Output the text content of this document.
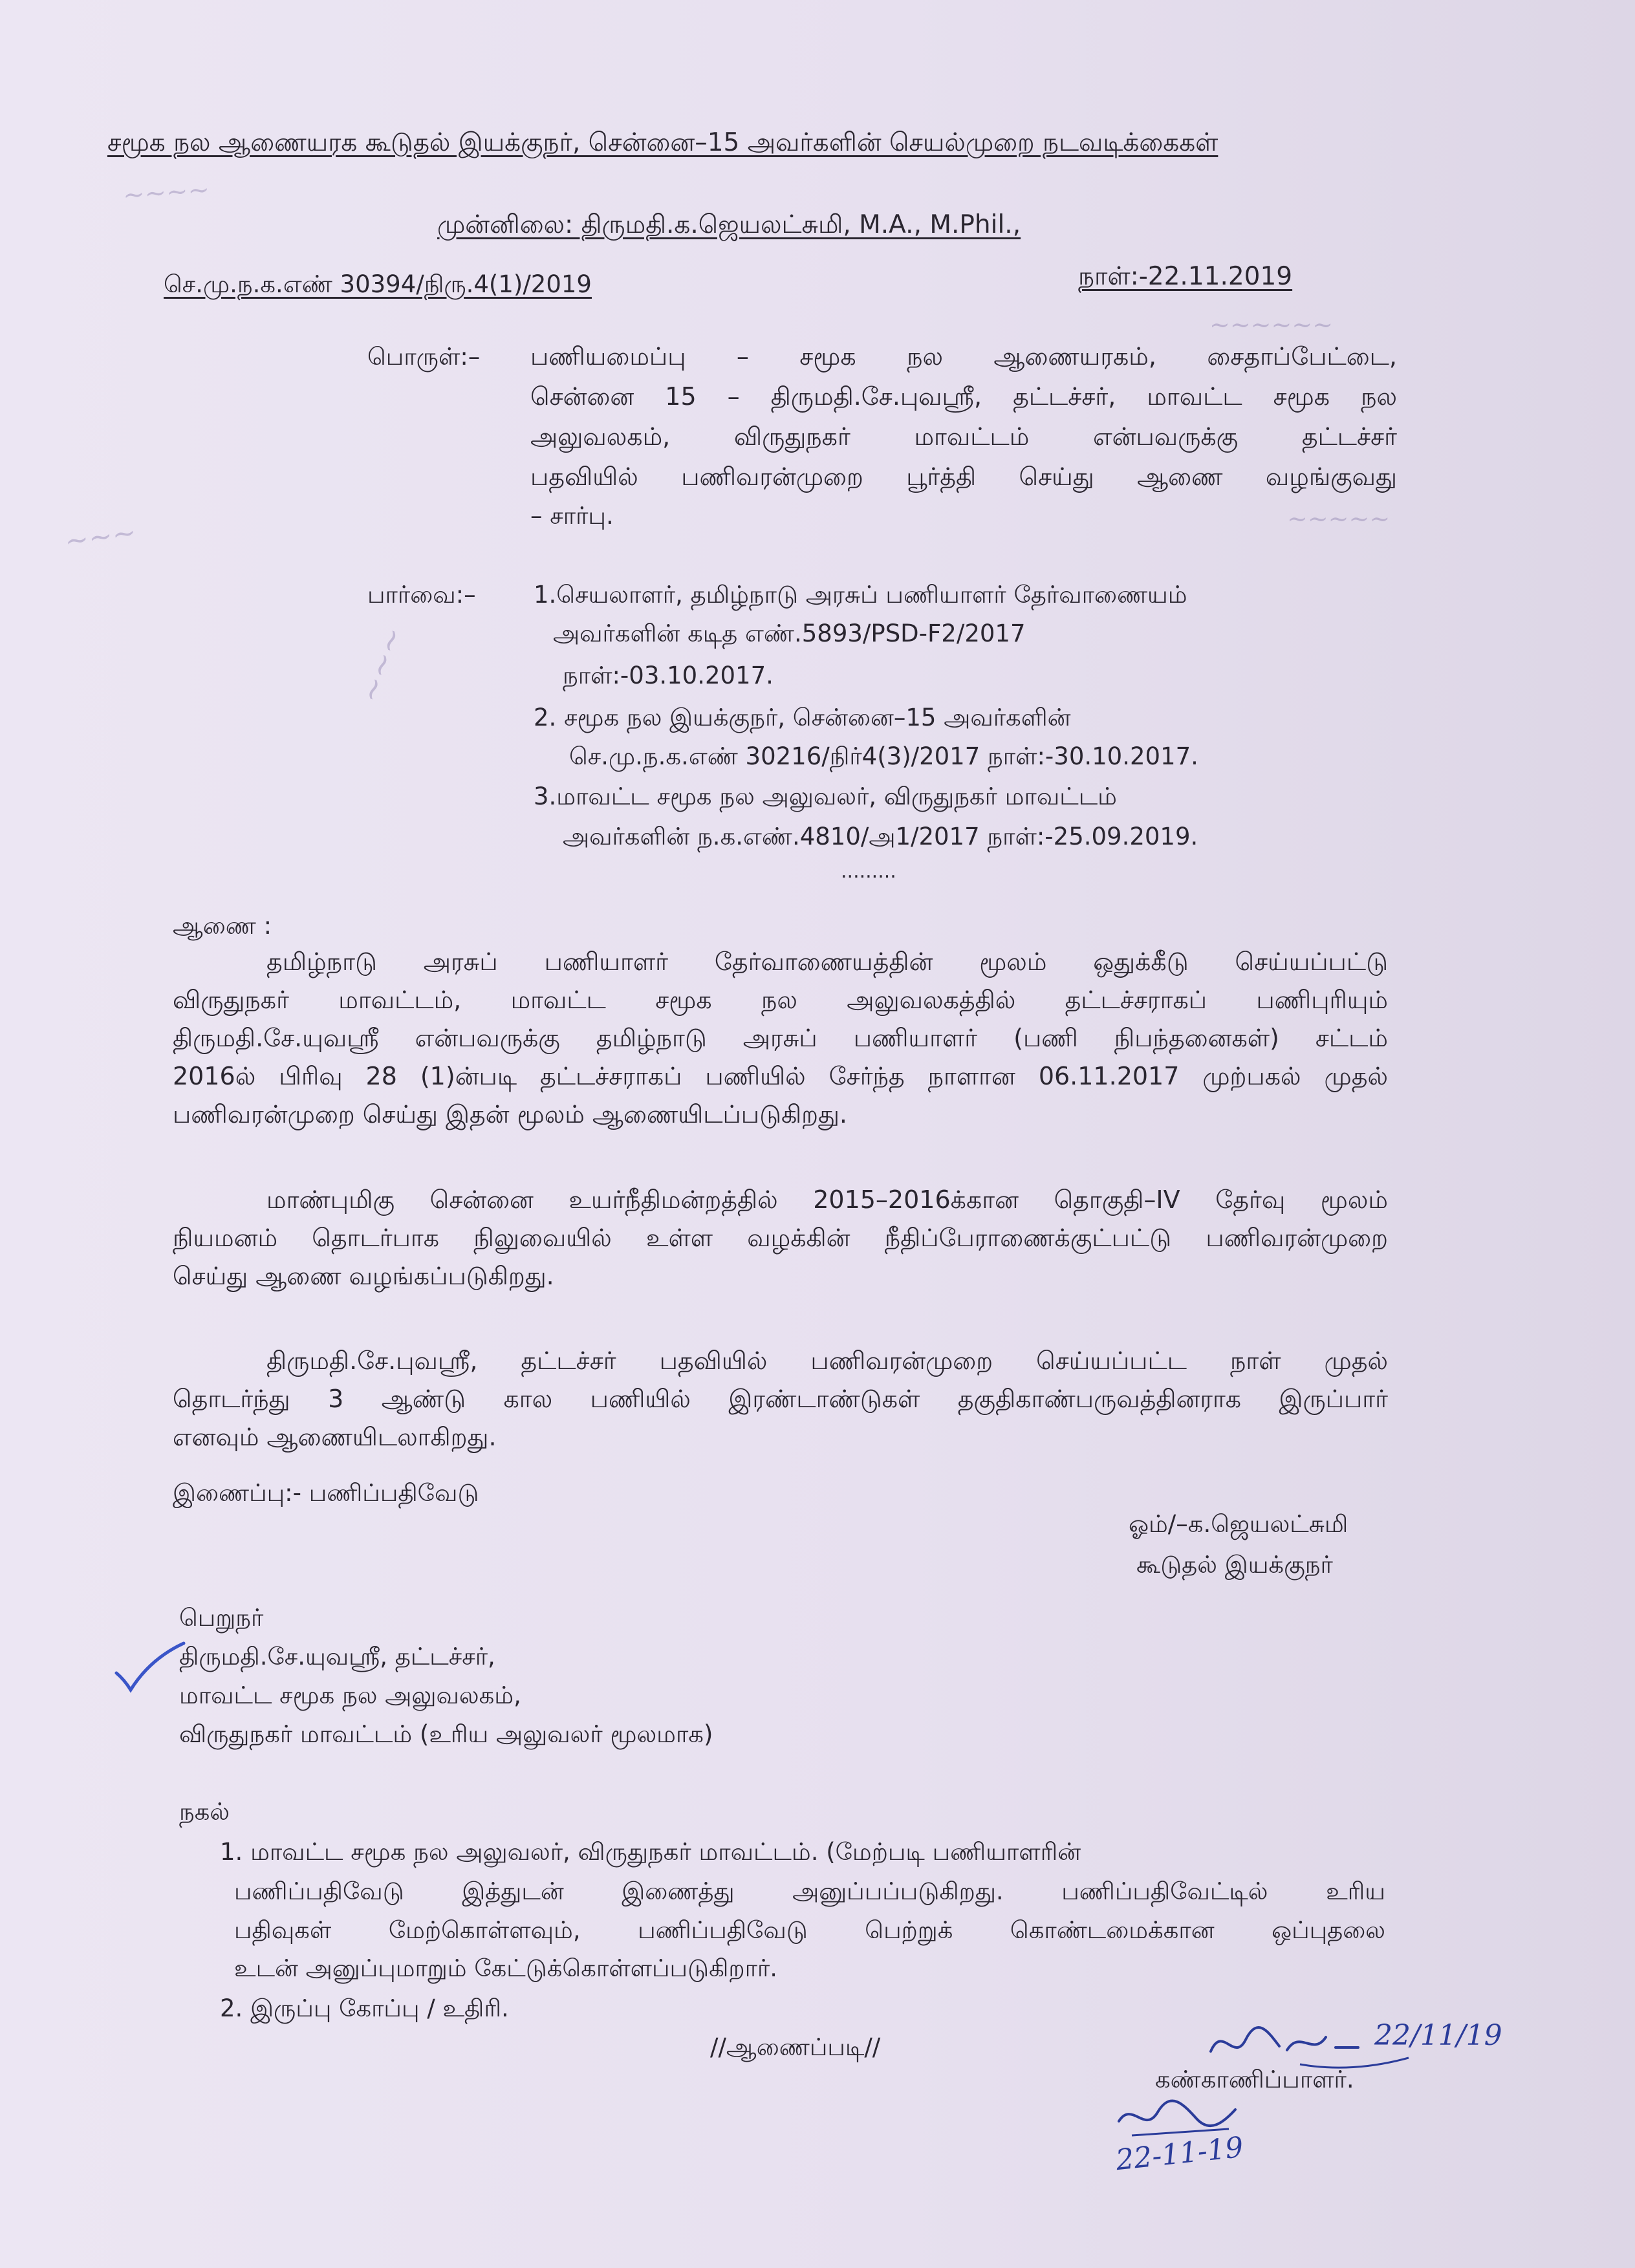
~~~~
~~~
~~~
~~~~~~
~~~~~
சமூக நல ஆணையரக கூடுதல் இயக்குநர், சென்னை–15 அவர்களின் செயல்முறை நடவடிக்கைகள்
முன்னிலை: திருமதி.க.ஜெயலட்சுமி, M.A., M.Phil.,
செ.மு.ந.க.எண் 30394/நிரு.4(1)/2019	நாள்:-22.11.2019
பொருள்:– பணியமைப்பு – சமூக நல ஆணையரகம், சைதாப்பேட்டை,
சென்னை 15 – திருமதி.சே.புவஸ்ரீ, தட்டச்சர், மாவட்ட சமூக நல
அலுவலகம், விருதுநகர் மாவட்டம் என்பவருக்கு தட்டச்சர்
பதவியில் பணிவரன்முறை பூர்த்தி செய்து ஆணை வழங்குவது
– சார்பு.
பார்வை:– 1.செயலாளர், தமிழ்நாடு அரசுப் பணியாளர் தேர்வாணையம்
அவர்களின் கடித எண்.5893/PSD-F2/2017
நாள்:-03.10.2017.
2. சமூக நல இயக்குநர், சென்னை–15 அவர்களின்
செ.மு.ந.க.எண் 30216/நிர்4(3)/2017 நாள்:-30.10.2017.
3.மாவட்ட சமூக நல அலுவலர், விருதுநகர் மாவட்டம்
அவர்களின் ந.க.எண்.4810/அ1/2017 நாள்:-25.09.2019.
.........
ஆணை :
தமிழ்நாடு அரசுப் பணியாளர் தேர்வாணையத்தின் மூலம் ஒதுக்கீடு செய்யப்பட்டு
விருதுநகர் மாவட்டம், மாவட்ட சமூக நல அலுவலகத்தில் தட்டச்சராகப் பணிபுரியும்
திருமதி.சே.யுவஸ்ரீ என்பவருக்கு தமிழ்நாடு அரசுப் பணியாளர் (பணி நிபந்தனைகள்) சட்டம்
2016ல் பிரிவு 28 (1)ன்படி தட்டச்சராகப் பணியில் சேர்ந்த நாளான 06.11.2017 முற்பகல் முதல்
பணிவரன்முறை செய்து இதன் மூலம் ஆணையிடப்படுகிறது.
மாண்புமிகு சென்னை உயர்நீதிமன்றத்தில் 2015–2016க்கான தொகுதி–IV தேர்வு மூலம்
நியமனம் தொடர்பாக நிலுவையில் உள்ள வழக்கின் நீதிப்பேராணைக்குட்பட்டு பணிவரன்முறை
செய்து ஆணை வழங்கப்படுகிறது.
திருமதி.சே.புவஸ்ரீ, தட்டச்சர் பதவியில் பணிவரன்முறை செய்யப்பட்ட நாள் முதல்
தொடர்ந்து 3 ஆண்டு கால பணியில் இரண்டாண்டுகள் தகுதிகாண்பருவத்தினராக இருப்பார்
எனவும் ஆணையிடலாகிறது.
இணைப்பு:- பணிப்பதிவேடு
ஓம்/–க.ஜெயலட்சுமி
கூடுதல் இயக்குநர்
பெறுநர்
திருமதி.சே.யுவஸ்ரீ, தட்டச்சர்,
மாவட்ட சமூக நல அலுவலகம்,
விருதுநகர் மாவட்டம் (உரிய அலுவலர் மூலமாக)
நகல்
1. மாவட்ட சமூக நல அலுவலர், விருதுநகர் மாவட்டம். (மேற்படி பணியாளரின்
பணிப்பதிவேடு இத்துடன் இணைத்து அனுப்பப்படுகிறது. பணிப்பதிவேட்டில் உரிய
பதிவுகள் மேற்கொள்ளவும், பணிப்பதிவேடு பெற்றுக் கொண்டமைக்கான ஒப்புதலை
உடன் அனுப்புமாறும் கேட்டுக்கொள்ளப்படுகிறார்.
2. இருப்பு கோப்பு / உதிரி.
//ஆணைப்படி//
கண்காணிப்பாளர்.
22/11/19
22-11-19
